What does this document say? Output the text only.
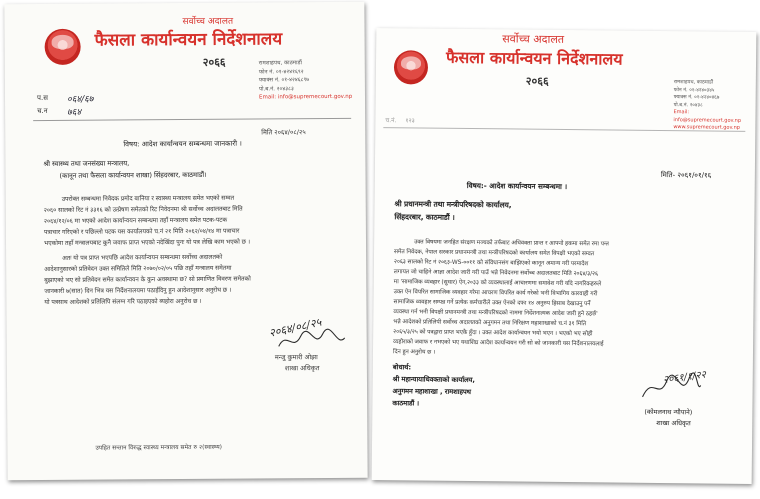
सर्वोच्च अदालत
फैसला कार्यान्वयन निर्देशनालय
२०६६	रामशाहपथ, काठमाडौं
फोन नं. ०१-४२४१६९२
फ्याक्स नं. ०१-४२४६८९७
पो.ब.नं. २०४३८३
Email: info@supremecourt.gov.np
प.स ०६४/६७
च.न ७६४
मिति २०६४/०८/२५
विषय: आदेश कार्यान्वयन सम्बन्धमा जानकारी ।
श्री स्वास्थ्य तथा जनसंख्या मन्त्रालय,
(कानून तथा फैसला कार्यान्वयन शाखा) सिंहदरबार, काठमाडौं।
उपरोक्त सम्बन्धमा निवेदक प्रमोद बानिया र स्वास्थ्य मन्त्रालय समेत भएको सम्वत
२०६० सालको रिट नं ३३१६ को उत्प्रेषण समेतको रिट निवेदनमा श्री सर्वोच्च अदालतबाट मिति
२०६४/१२/०६ मा भएको आदेश कार्यान्वयन सम्बन्धमा तहाँ मन्त्रालय समेत पटक-पटक
पत्राचार गरिएको र पछिल्लो पटक यस कार्यालयको च.नं २१ मिति २०६२/०४/१४ मा पत्राचार
भएकोमा तहाँ मन्त्रालयबाट कुनै जवाफ प्राप्त भएको नदेखिंदा पुनः यो पत्र लेखि काम भएको छ ।
अतः यो पत्र प्राप्त भएपछि आदेश कार्यान्वयन सम्बन्धमा सर्वोच्च अदालतको
आदेशानुसारको प्रतिवेदन उक्त समितिले मिति २०७०/०२/०५ पछि तहाँ मन्त्रालय समेतमा
बुझाएको भए सो प्रतिवेदन समेत कार्यान्वयन के कुन अवस्थामा छ? सो प्रमाणित विवरण समेतको
जानकारी ७(सात) दिन भित्र यस निर्देशनालयमा पठाईदिनु हुन आदेशानुसार अनुरोध छ ।
यो पत्रसाथ आदेशको प्रतिलिपि संलग्न गरि पठाइएको ब्यहोरा अनुरोध छ ।
२०६४/०८/२५
मन्जु कुमारी ओझा
शाखा अधिकृत
उपहित सन्तान विरुद्ध स्वास्थ्य मन्त्रालय समेत रु २(स्वास्थ्य)
सर्वोच्च अदालत
फैसला कार्यान्वयन निर्देशनालय
२०६६	रामशाहपथ, काठमाडौं
फोन नं. ०१-४२४०३४५
फ्याक्स नं. ०१-४२४०४६७
पो.ब.नं. २०४३८
Email: info@supremecourt.gov.np
www.supremecourt.gov.np
च.नं. १२३
मिति- २०६१/०१/१६
विषय:- आदेश कार्यान्वयन सम्बन्धमा ।
श्री प्रधानमन्त्री तथा मन्त्रीपरिषदको कार्यालय,
सिंहदरबार, काठमाडौं ।
उक्त विषयमा जनहित संरक्षण मञ्चको तर्फबाट अधिवक्ता प्रान्त र आफ्नो हकमा समेत रमा पन्त
समेत निवेदक, नेपाल सरकार प्रधानमन्त्री तथा मन्त्रीपरिषदको कार्यालय समेत विपक्षी भएको सम्वत
२०६३ सालको रिट नं २०६३-WS-००११ को संविधानसंग बाझिएको कानून अमान्य गरी परमादेश
लगायत जो चाहिने आज्ञा आदेश जारी गरी पाउँ भन्ने निवेदनमा सर्वोच्च अदालतबाट मिति २०६४/३/२६
मा 'सामाजिक व्यवहार (सुधार) ऐन,२०३३ को व्यवस्थालाई आचारणमा समावेश गरी यदि नागरिकहरुले
उक्त ऐन विपरित सामाजिक व्यवहार गरेमा आचरण विपरित कार्य गरेको भनी विभागिय कारवाही गरी
सामाजिक व्यवहार सम्पन्न गर्ने प्रत्येक कर्मचारीले उक्त ऐनको दफा १४ अनुरुप हिसाब देखाउनु पर्ने
व्यवस्था गर्न भनी विपक्षी प्रधानमन्त्री तथा मन्त्रीपरिषदको नाममा निर्देशनात्मक आदेश जारी हुने ठहर्छ'
भन्ने आदेशको प्रतिलिपी सर्वोच्च अदालतको अनुगमन तथा निरिक्षण महाशाखाको च.नं ३१ मिति
२०६५/३/२५ को पत्रद्वारा प्राप्त भएकै हुँदा । उक्त आदेश कार्यान्वयन भयो भएन । भएको भए सोही
व्यहोराको जवाफ र नभएको भए यथाशिघ्र आदेश कार्यान्वयन गरी सो को जानकारी यस निर्देशनालयलाई
दिन हुन अनुरोध छ ।
बोधार्थ:
श्री महान्यायाधिवक्ताको कार्यालय,
अनुगमन महाशाखा , रामशाहपथ
काठमाडौं ।
२०६१/१/२२
(कोमलनाथ न्यौपाने)
शाखा अधिकृत
